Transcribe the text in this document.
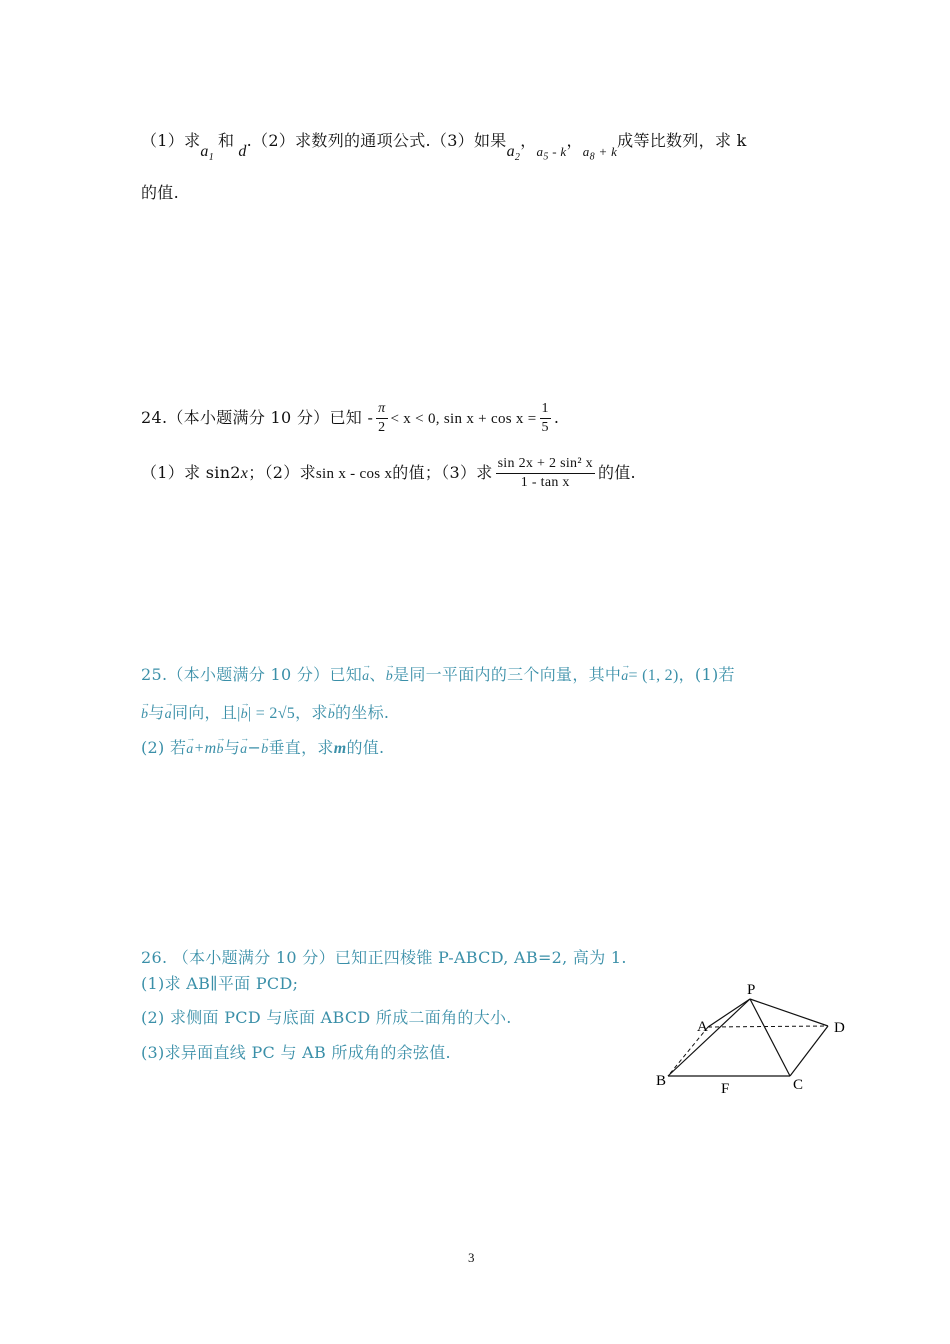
（1）求$a_1$和d.（2）求数列的通项公式.（3）如果$a_2$，$_{a_5 - k}$，$_{a_8 + k}$成等比数列，求 k
的值.
24.（本小题满分 10 分）已知 - $\frac{\pi}{2} < x < 0$, $\sin x + \cos x = \frac{1}{5}$ .
（1）求 sin2x；（2）求sin x - cos x的值；（3）求 $\frac{\text{sin 2x + 2 sin² x}}{\text{1 - tan x}}$ 的值.
25.（本小题满分 10 分）已知→ a、→ b是同一平面内的三个向量，其中→ a= (1, 2)，(1)若
→ b与→ a同向，且|→ b| = 2√5，求→ b的坐标.
(2) 若→ a+m→ b与→ a−→ b垂直，求m的值.
26. （本小题满分 10 分）已知正四棱锥 P-ABCD, AB=2, 高为 1.
(1)求 AB∥平面 PCD;
(2) 求侧面 PCD 与底面 ABCD 所成二面角的大小.
(3)求异面直线 PC 与 AB 所成角的余弦值.
P
A	D
B	F	C
3
